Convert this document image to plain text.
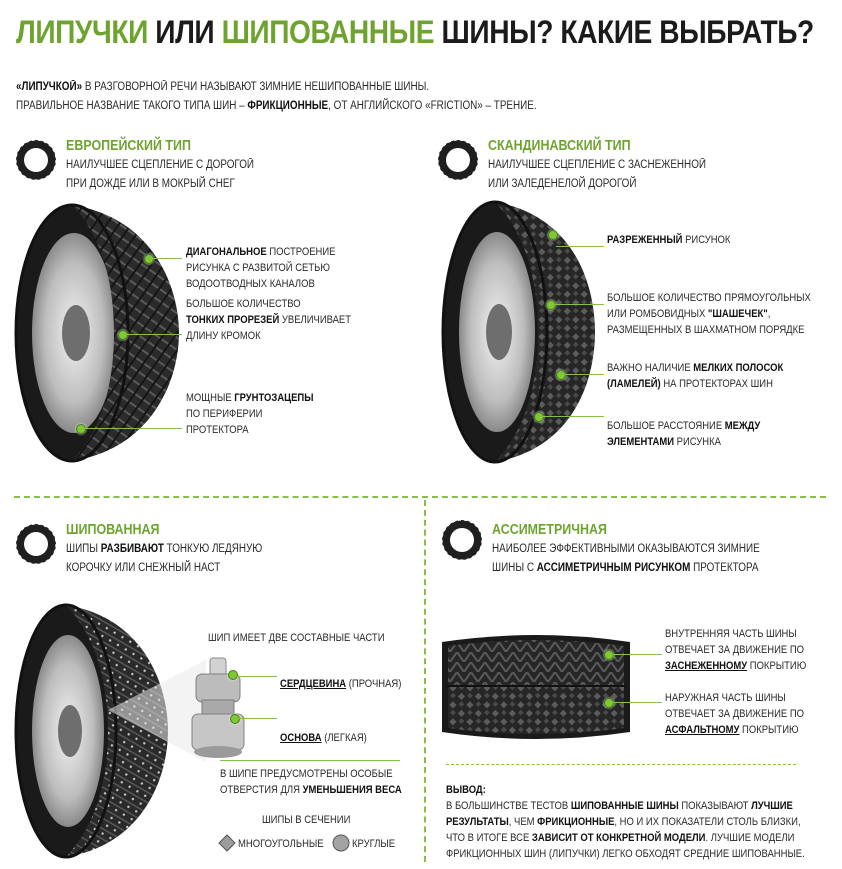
ЛИПУЧКИ ИЛИ ШИПОВАННЫЕ ШИНЫ? КАКИЕ ВЫБРАТЬ?
«ЛИПУЧКОЙ» В РАЗГОВОРНОЙ РЕЧИ НАЗЫВАЮТ ЗИМНИЕ НЕШИПОВАННЫЕ ШИНЫ.
ПРАВИЛЬНОЕ НАЗВАНИЕ ТАКОГО ТИПА ШИН – ФРИКЦИОННЫЕ, ОТ АНГЛИЙСКОГО «FRICTION» – ТРЕНИЕ.
ЕВРОПЕЙСКИЙ ТИП
НАИЛУЧШЕЕ СЦЕПЛЕНИЕ С ДОРОГОЙ
ПРИ ДОЖДЕ ИЛИ В МОКРЫЙ СНЕГ
ДИАГОНАЛЬНОЕ ПОСТРОЕНИЕ
РИСУНКА С РАЗВИТОЙ СЕТЬЮ
ВОДООТВОДНЫХ КАНАЛОВ
БОЛЬШОЕ КОЛИЧЕСТВО
ТОНКИХ ПРОРЕЗЕЙ УВЕЛИЧИВАЕТ
ДЛИНУ КРОМОК
МОЩНЫЕ ГРУНТОЗАЦЕПЫ
ПО ПЕРИФЕРИИ
ПРОТЕКТОРА
СКАНДИНАВСКИЙ ТИП
НАИЛУЧШЕЕ СЦЕПЛЕНИЕ С ЗАСНЕЖЕННОЙ
ИЛИ ЗАЛЕДЕНЕЛОЙ ДОРОГОЙ
РАЗРЕЖЕННЫЙ РИСУНОК
БОЛЬШОЕ КОЛИЧЕСТВО ПРЯМОУГОЛЬНЫХ
ИЛИ РОМБОВИДНЫХ "ШАШЕЧЕК",
РАЗМЕЩЕННЫХ В ШАХМАТНОМ ПОРЯДКЕ
ВАЖНО НАЛИЧИЕ МЕЛКИХ ПОЛОСОК
(ЛАМЕЛЕЙ) НА ПРОТЕКТОРАХ ШИН
БОЛЬШОЕ РАССТОЯНИЕ МЕЖДУ
ЭЛЕМЕНТАМИ РИСУНКА
ШИПОВАННАЯ
ШИПЫ РАЗБИВАЮТ ТОНКУЮ ЛЕДЯНУЮ
КОРОЧКУ ИЛИ СНЕЖНЫЙ НАСТ
ШИП ИМЕЕТ ДВЕ СОСТАВНЫЕ ЧАСТИ
СЕРДЦЕВИНА (ПРОЧНАЯ)
ОСНОВА (ЛЕГКАЯ)
В ШИПЕ ПРЕДУСМОТРЕНЫ ОСОБЫЕ
ОТВЕРСТИЯ ДЛЯ УМЕНЬШЕНИЯ ВЕСА
ШИПЫ В СЕЧЕНИИ
МНОГОУГОЛЬНЫЕ	КРУГЛЫЕ
АССИМЕТРИЧНАЯ
НАИБОЛЕЕ ЭФФЕКТИВНЫМИ ОКАЗЫВАЮТСЯ ЗИМНИЕ
ШИНЫ С АССИМЕТРИЧНЫМ РИСУНКОМ ПРОТЕКТОРА
ВНУТРЕННЯЯ ЧАСТЬ ШИНЫ
ОТВЕЧАЕТ ЗА ДВИЖЕНИЕ ПО
ЗАСНЕЖЕННОМУ ПОКРЫТИЮ
НАРУЖНАЯ ЧАСТЬ ШИНЫ
ОТВЕЧАЕТ ЗА ДВИЖЕНИЕ ПО
АСФАЛЬТНОМУ ПОКРЫТИЮ
ВЫВОД:
В БОЛЬШИНСТВЕ ТЕСТОВ ШИПОВАННЫЕ ШИНЫ ПОКАЗЫВАЮТ ЛУЧШИЕ
РЕЗУЛЬТАТЫ, ЧЕМ ФРИКЦИОННЫЕ, НО И ИХ ПОКАЗАТЕЛИ СТОЛЬ БЛИЗКИ,
ЧТО В ИТОГЕ ВСЕ ЗАВИСИТ ОТ КОНКРЕТНОЙ МОДЕЛИ. ЛУЧШИЕ МОДЕЛИ
ФРИКЦИОННЫХ ШИН (ЛИПУЧКИ) ЛЕГКО ОБХОДЯТ СРЕДНИЕ ШИПОВАННЫЕ.
